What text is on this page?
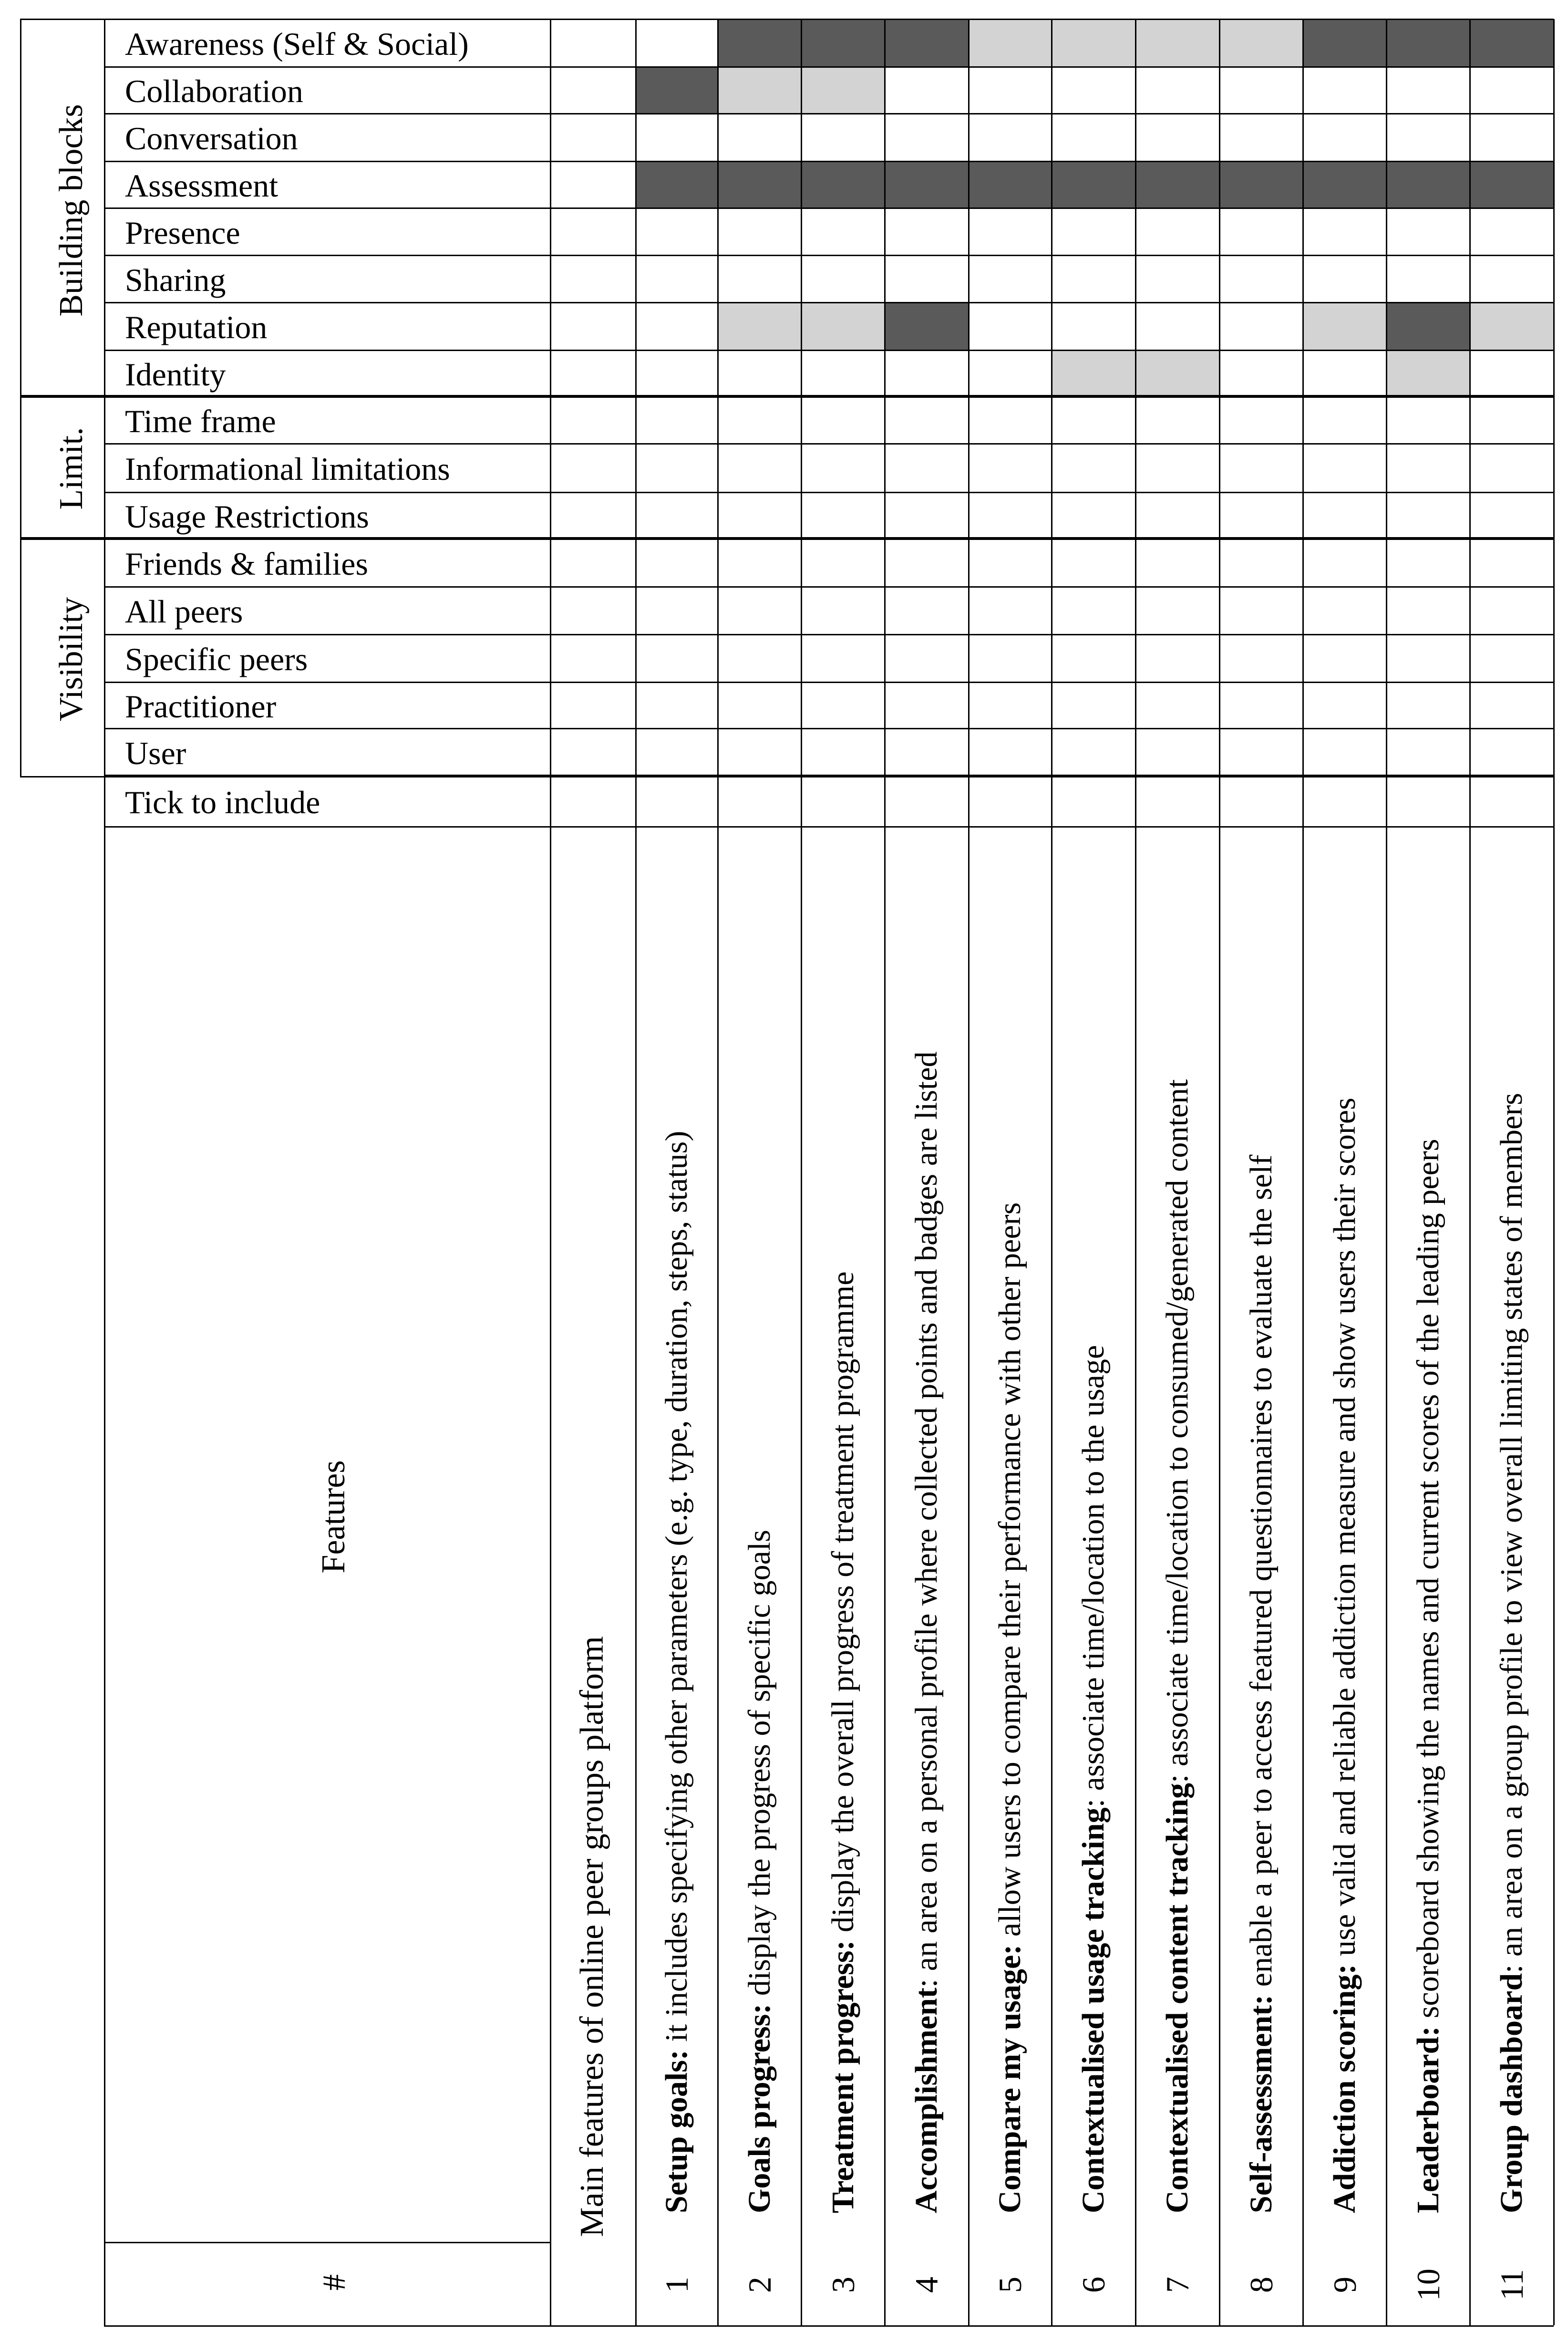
Building blocks
Limit.
Visibility
Awareness (Self & Social)
Collaboration
Conversation
Assessment
Presence
Sharing
Reputation
Identity
Time frame
Informational limitations
Usage Restrictions
Friends & families
All peers
Specific peers
Practitioner
User
Tick to include
Features
#
Main features of online peer groups platform
1
Setup goals: it includes specifying other parameters (e.g. type, duration, steps, status)
2
Goals progress: display the progress of specific goals
3
Treatment progress: display the overall progress of treatment programme
4
Accomplishment: an area on a personal profile where collected points and badges are listed
5
Compare my usage: allow users to compare their performance with other peers
6
Contextualised usage tracking: associate time/location to the usage
7
Contextualised content tracking: associate time/location to consumed/generated content
8
Self-assessment: enable a peer to access featured questionnaires to evaluate the self
9
Addiction scoring: use valid and reliable addiction measure and show users their scores
10
Leaderboard: scoreboard showing the names and current scores of the leading peers
11
Group dashboard: an area on a group profile to view overall limiting states of members
